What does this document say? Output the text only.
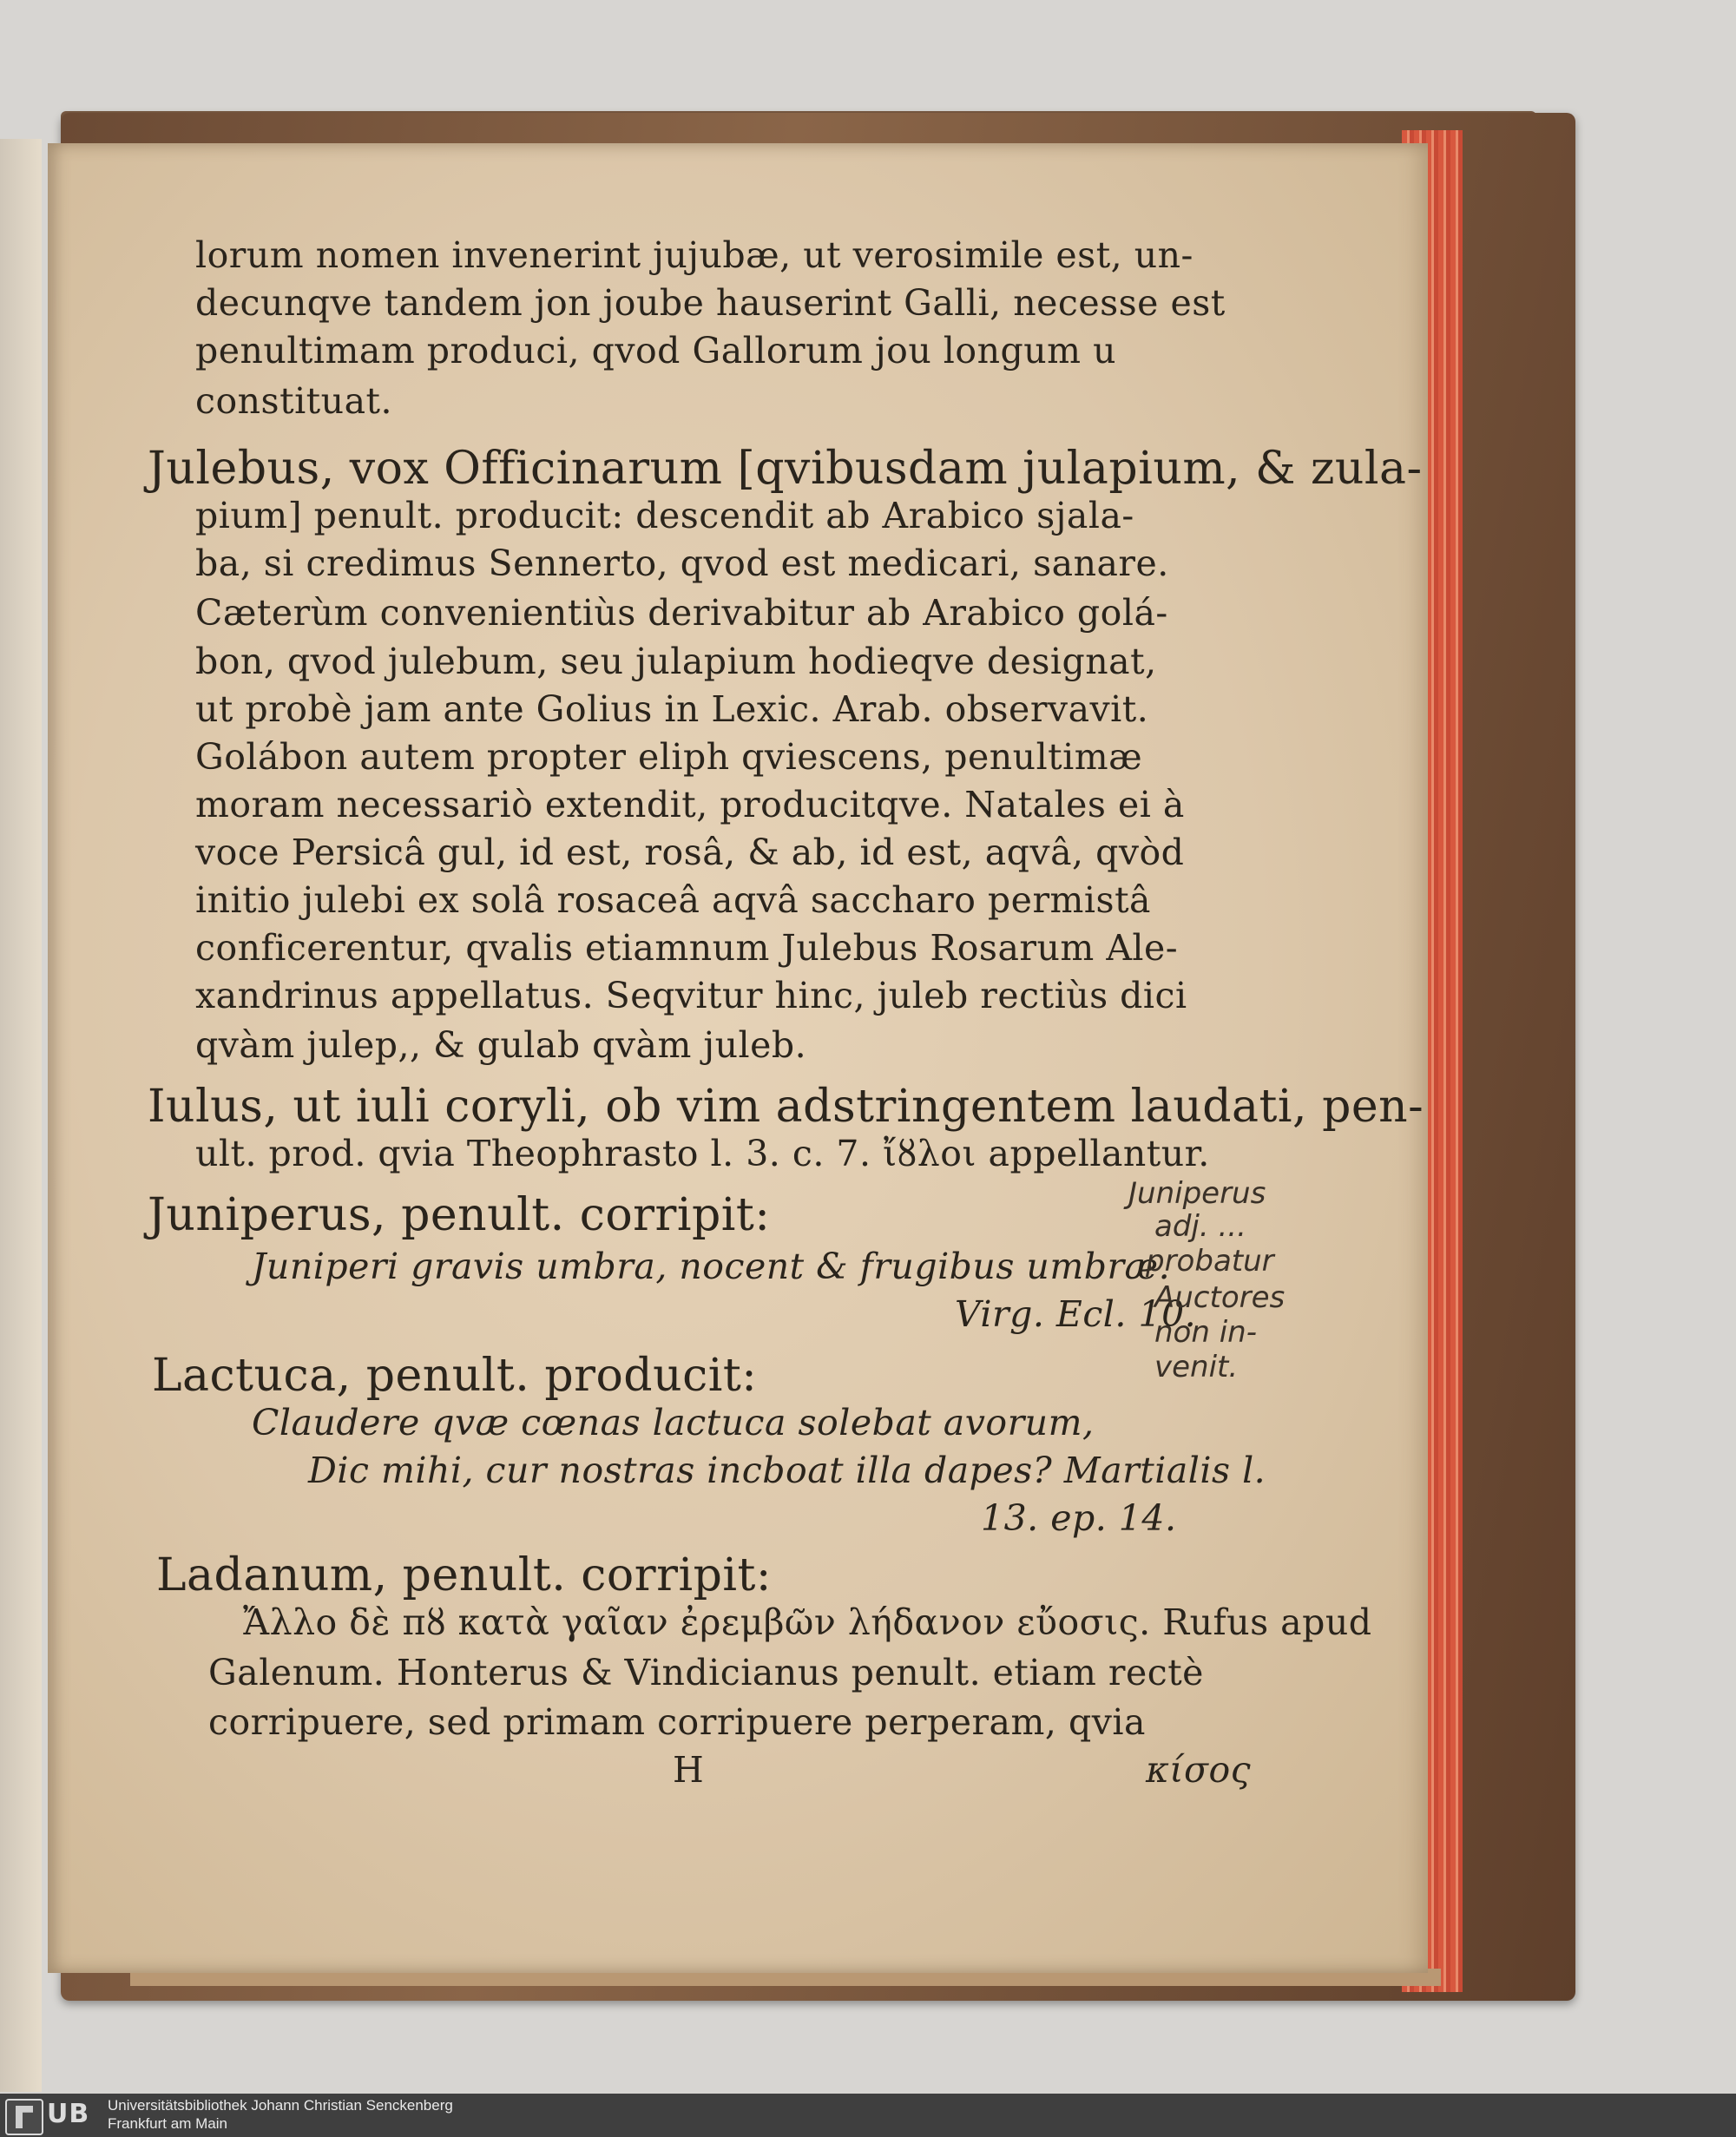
lorum nomen invenerint jujubæ, ut verosimile est, un-
decunqve tandem jon joube hauserint Galli, necesse est
penultimam produci, qvod Gallorum jou longum u
constituat.
Julebus, vox Officinarum [qvibusdam julapium, & zula-
pium] penult. producit: descendit ab Arabico sjala-
ba, si credimus Sennerto, qvod est medicari, sanare.
Cæterùm convenientiùs derivabitur ab Arabico golá-
bon, qvod julebum, seu julapium hodieqve designat,
ut probè jam ante Golius in Lexic. Arab. observavit.
Golábon autem propter eliph qviescens, penultimæ
moram necessariò extendit, producitqve. Natales ei à
voce Persicâ gul, id est, rosâ, & ab, id est, aqvâ, qvòd
initio julebi ex solâ rosaceâ aqvâ saccharo permistâ
conficerentur, qvalis etiamnum Julebus Rosarum Ale-
xandrinus appellatus. Seqvitur hinc, juleb rectiùs dici
qvàm julep,, & gulab qvàm juleb.
Iulus, ut iuli coryli, ob vim adstringentem laudati, pen-
ult. prod. qvia Theophrasto l. 3. c. 7. ἴȣλοι appellantur.
Juniperus, penult. corripit:
Juniperi gravis umbra, nocent & frugibus umbræ.
Virg. Ecl. 10.
Lactuca, penult. producit:
Claudere qvæ cœnas lactuca solebat avorum,
Dic mihi, cur nostras incboat illa dapes? Martialis l.
13. ep. 14.
Ladanum, penult. corripit:
Ἄλλο δὲ πȣ κατὰ γαῖαν ἐρεμβῶν λήδανον εὔοσις. Rufus apud
Galenum. Honterus & Vindicianus penult. etiam rectè
corripuere, sed primam corripuere perperam, qvia
H	κίσος
Juniperus
adj. ...
probatur
Auctores
non in-
venit.
UB Universitätsbibliothek Johann Christian Senckenberg
Frankfurt am Main
